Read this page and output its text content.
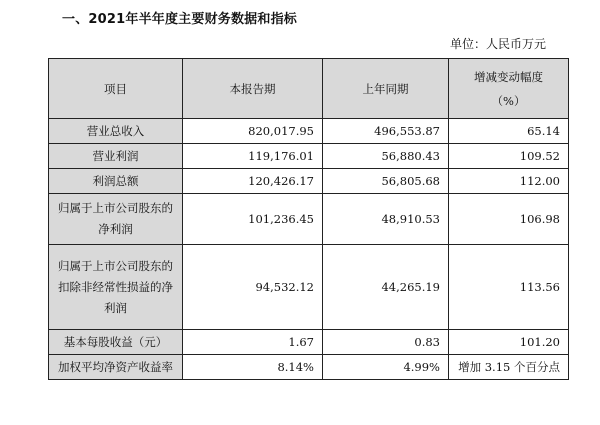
一、2021年半年度主要财务数据和指标
单位：人民币万元
项目	本报告期	上年同期	增减变动幅度
（%）

营业总收入	820,017.95	496,553.87	65.14
营业利润	119,176.01	56,880.43	109.52
利润总额	120,426.17	56,805.68	112.00

归属于上市公司股东的
净利润	101,236.45	48,910.53	106.98

归属于上市公司股东的
扣除非经常性损益的净
利润	94,532.12	44,265.19	113.56
基本每股收益（元）	1.67	0.83	101.20
加权平均净资产收益率	8.14%	4.99%	增加 3.15 个百分点
